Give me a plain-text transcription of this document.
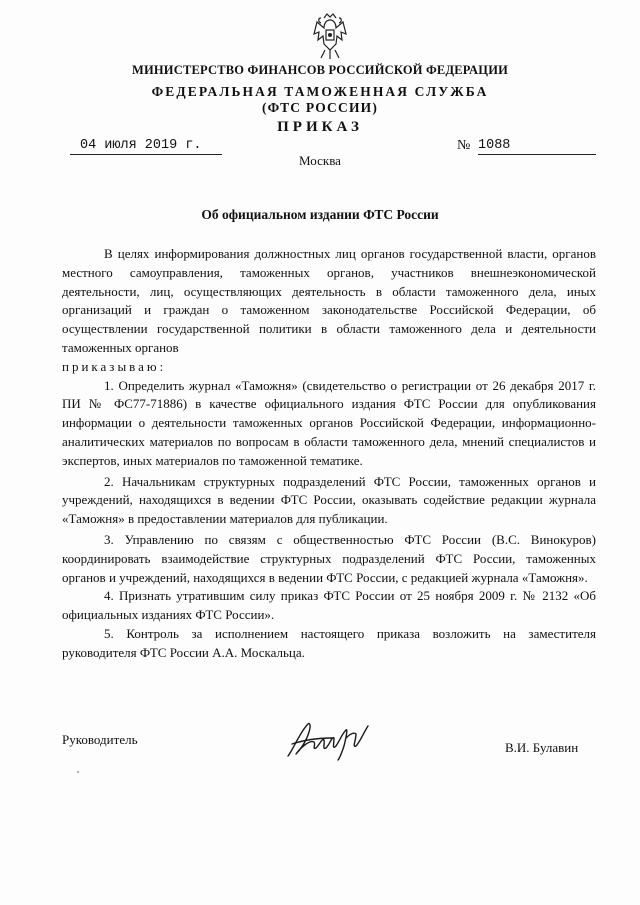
МИНИСТЕРСТВО ФИНАНСОВ РОССИЙСКОЙ ФЕДЕРАЦИИ
ФЕДЕРАЛЬНАЯ ТАМОЖЕННАЯ СЛУЖБА
(ФТС РОССИИ)
ПРИКАЗ
04 июля 2019 г.	№ 1088
Москва
Об официальном издании ФТС России

В целях информирования должностных лиц органов государственной власти, органов местного самоуправления, таможенных органов, участников внешнеэкономической деятельности, лиц, осуществляющих деятельность в области таможенного дела, иных организаций и граждан о таможенном законодательстве Российской Федерации, об осуществлении государственной политики в области таможенного дела и деятельности таможенных органов

приказываю:

1. Определить журнал «Таможня» (свидетельство о регистрации от 26 декабря 2017 г. ПИ № ФС77-71886) в качестве официального издания ФТС России для опубликования информации о деятельности таможенных органов Российской Федерации, информационно-аналитических материалов по вопросам в области таможенного дела, мнений специалистов и экспертов, иных материалов по таможенной тематике.

2. Начальникам структурных подразделений ФТС России, таможенных органов и учреждений, находящихся в ведении ФТС России, оказывать содействие редакции журнала «Таможня» в предоставлении материалов для публикации.

3. Управлению по связям с общественностью ФТС России (В.С. Винокуров) координировать взаимодействие структурных подразделений ФТС России, таможенных органов и учреждений, находящихся в ведении ФТС России, с редакцией журнала «Таможня».

4. Признать утратившим силу приказ ФТС России от 25 ноября 2009 г. № 2132 «Об официальных изданиях ФТС России».

5. Контроль за исполнением настоящего приказа возложить на заместителя руководителя ФТС России А.А. Москальца.

Руководитель
В.И. Булавин
